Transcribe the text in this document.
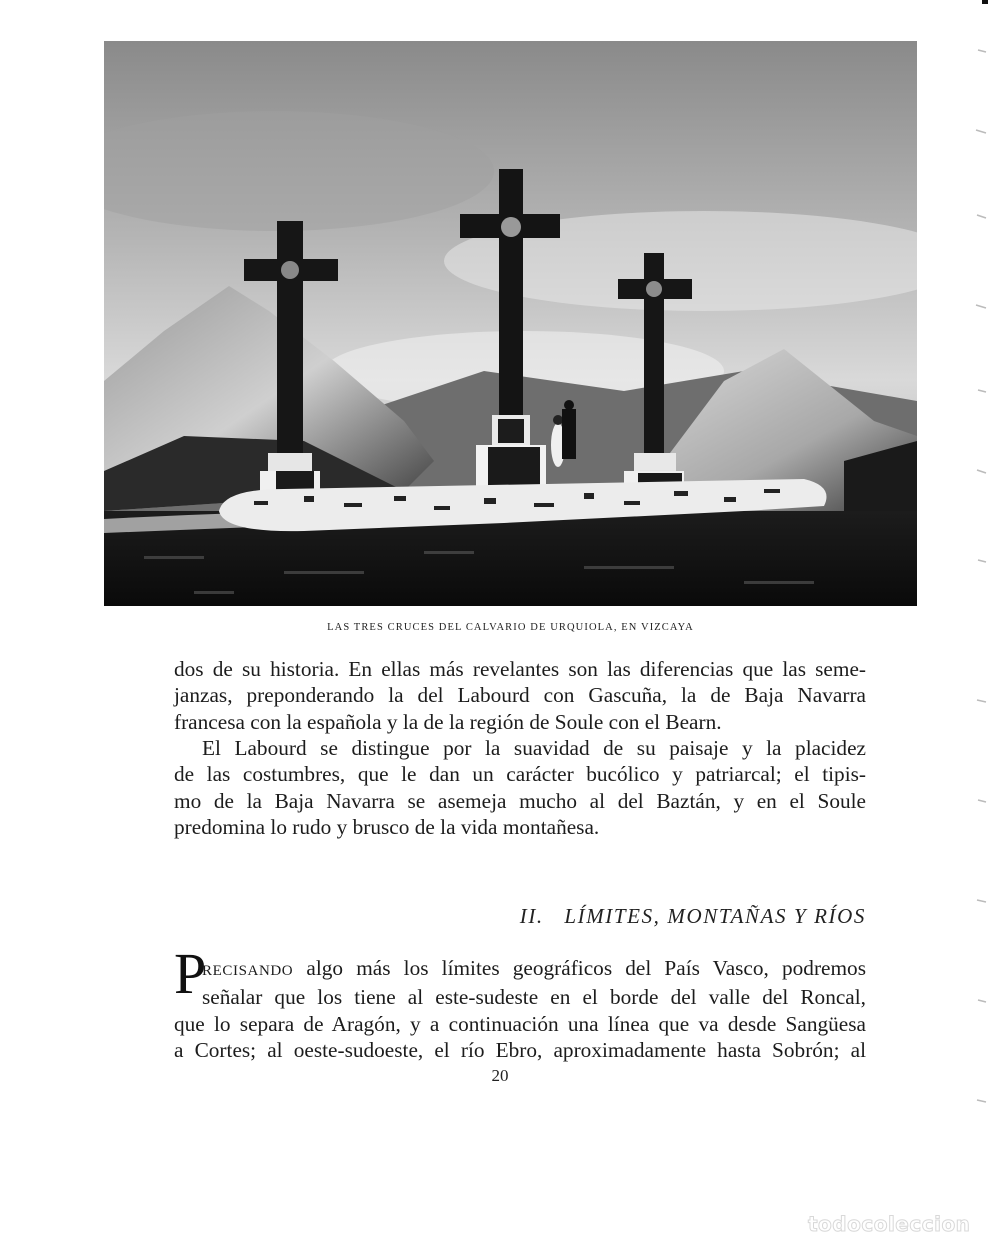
LAS TRES CRUCES DEL CALVARIO DE URQUIOLA, EN VIZCAYA
dos de su historia. En ellas más revelantes son las diferencias que las seme-
janzas, preponderando la del Labourd con Gascuña, la de Baja Navarra
francesa con la española y la de la región de Soule con el Bearn.
El Labourd se distingue por la suavidad de su paisaje y la placidez
de las costumbres, que le dan un carácter bucólico y patriarcal; el tipis-
mo de la Baja Navarra se asemeja mucho al del Baztán, y en el Soule
predomina lo rudo y brusco de la vida montañesa.
II.   LÍMITES, MONTAÑAS Y RÍOS
P
RECISANDO algo más los límites geográficos del País Vasco, podremos
señalar que los tiene al este-sudeste en el borde del valle del Roncal,
que lo separa de Aragón, y a continuación una línea que va desde Sangüesa
a Cortes; al oeste-sudoeste, el río Ebro, aproximadamente hasta Sobrón; al
20
todocoleccion
